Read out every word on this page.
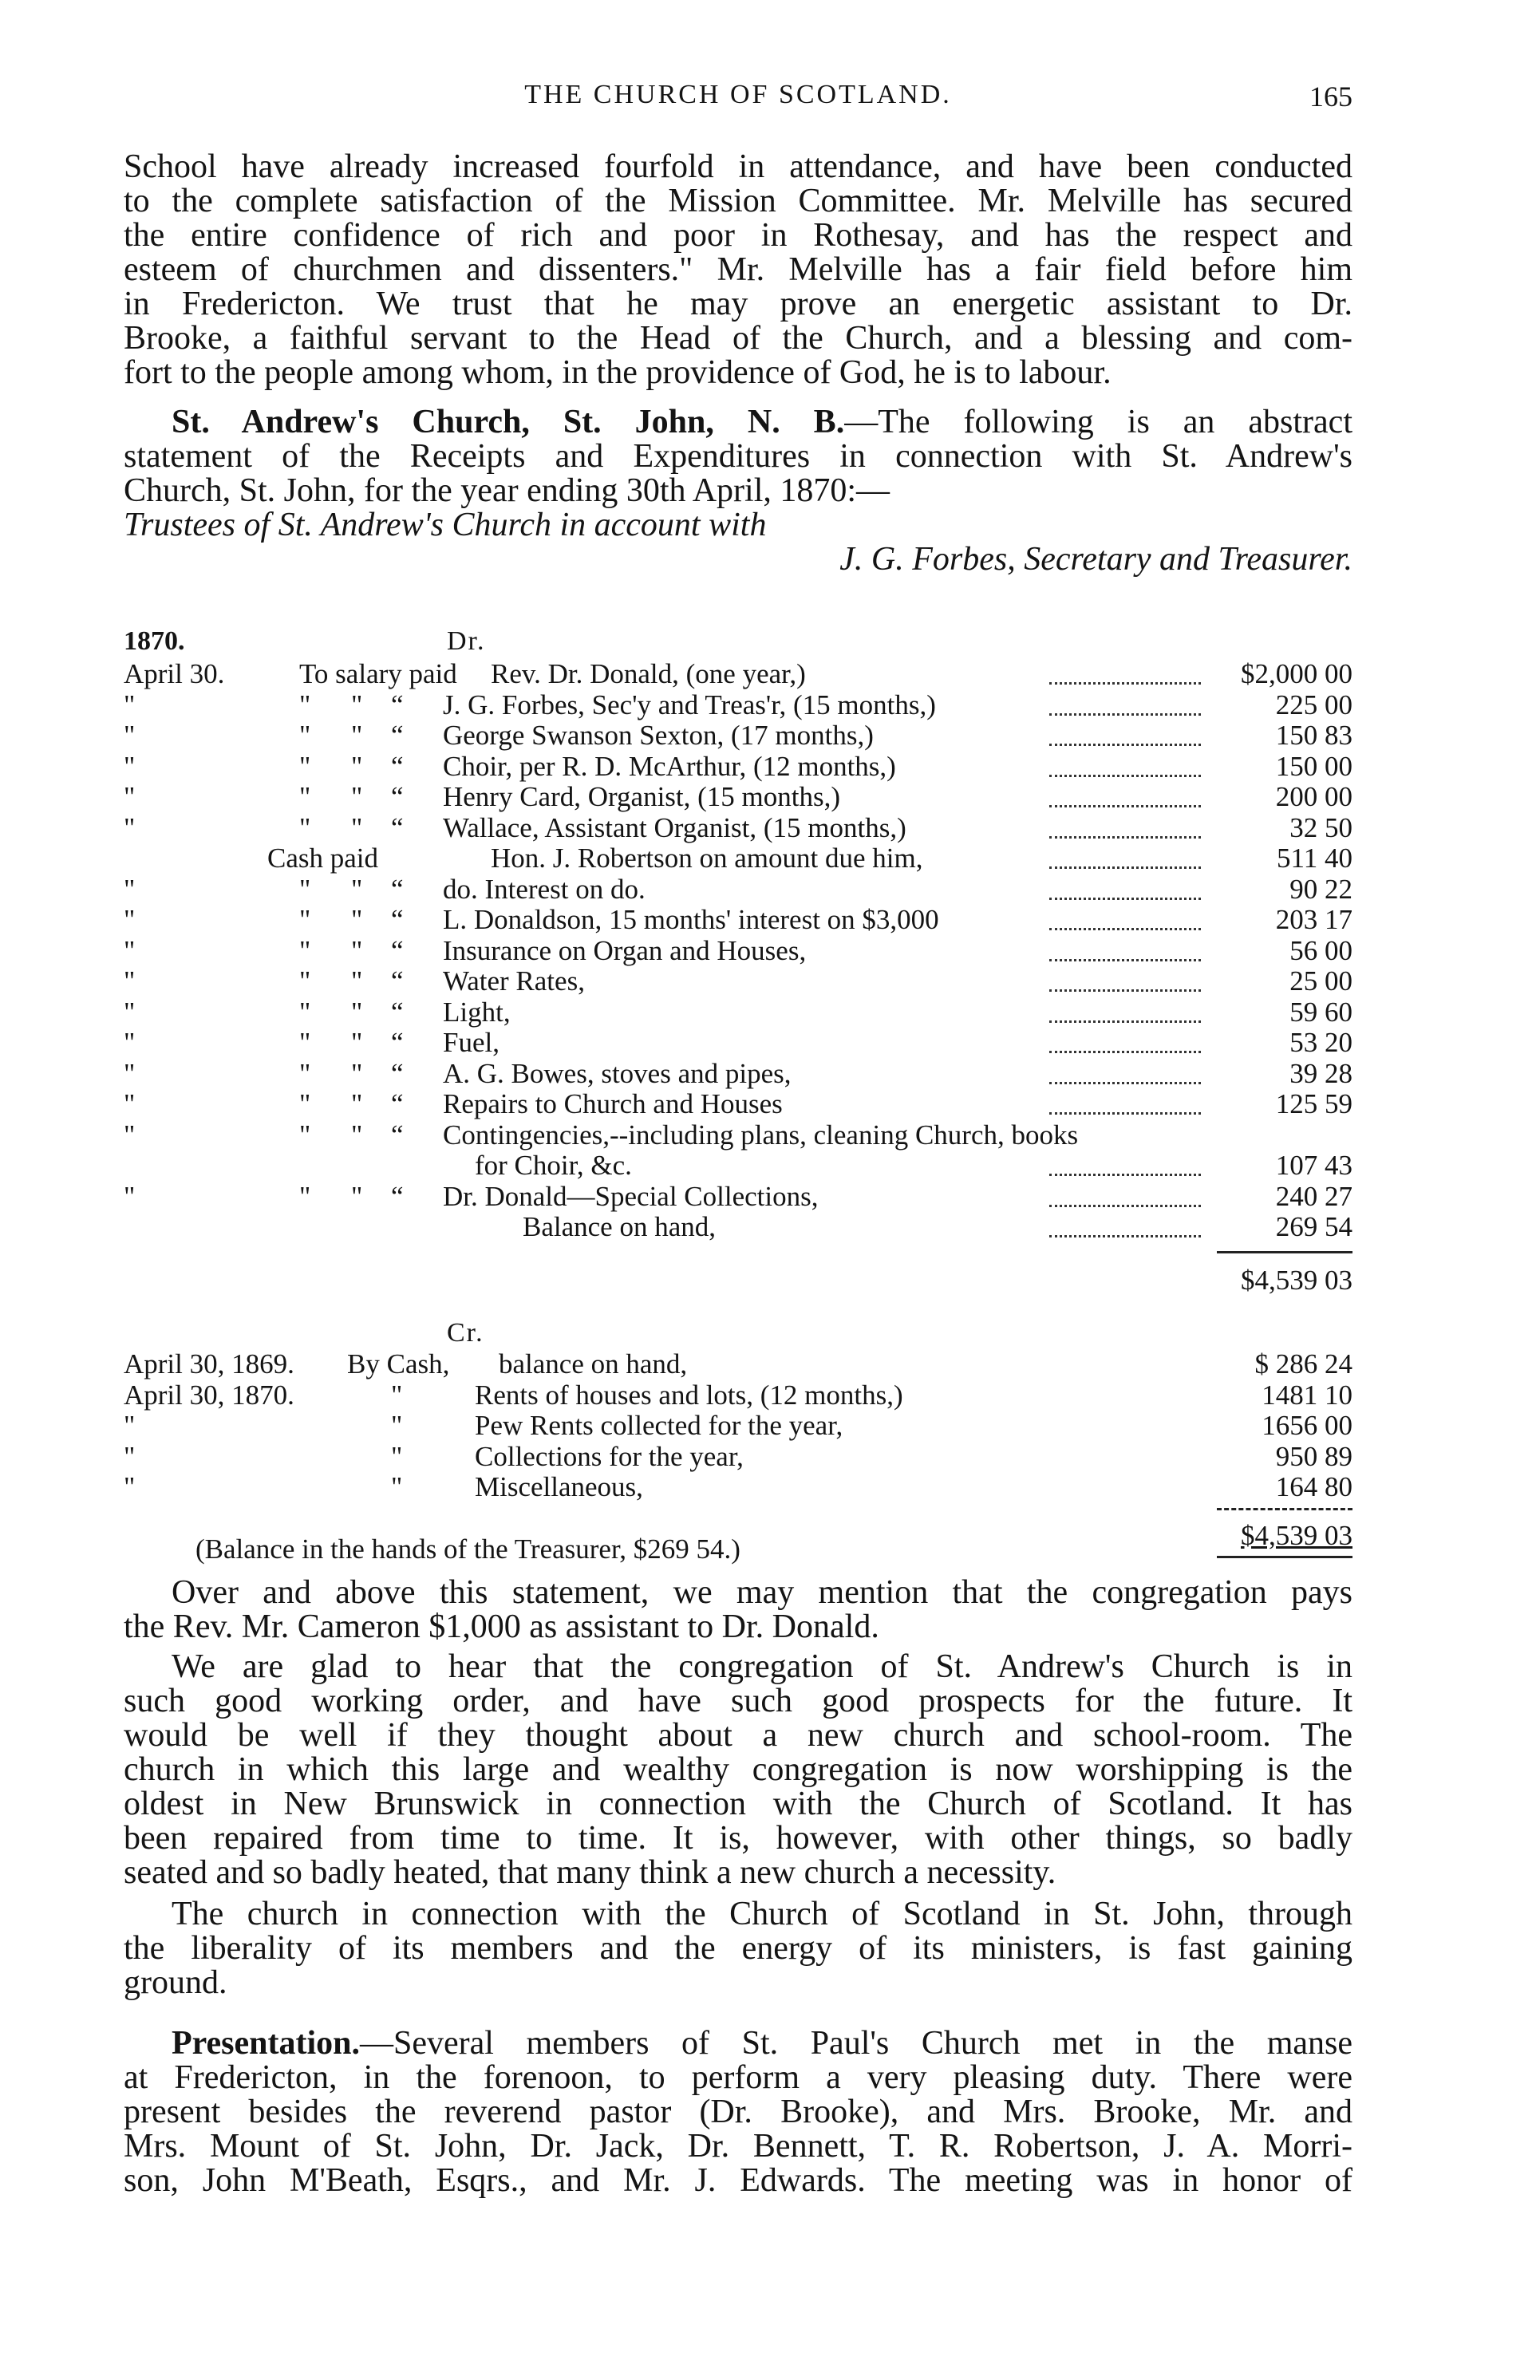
THE CHURCH OF SCOTLAND.	165
School have already increased fourfold in attendance, and have been conducted
to the complete satisfaction of the Mission Committee. Mr. Melville has secured
the entire confidence of rich and poor in Rothesay, and has the respect and
esteem of churchmen and dissenters." Mr. Melville has a fair field before him
in Fredericton. We trust that he may prove an energetic assistant to Dr.
Brooke, a faithful servant to the Head of the Church, and a blessing and com-
fort to the people among whom, in the providence of God, he is to labour.
St. Andrew's Church, St. John, N. B.—The following is an abstract
statement of the Receipts and Expenditures in connection with St. Andrew's
Church, St. John, for the year ending 30th April, 1870:—
Trustees of St. Andrew's Church in account with
J. G. Forbes, Secretary and Treasurer.
1870.	Dr.
April 30.	To salary paid Rev. Dr. Donald, (one year,)	$2,000 00
"	" " “ J. G. Forbes, Sec'y and Treas'r, (15 months,)	225 00
"	" " “ George Swanson Sexton, (17 months,)	150 83
"	" " “ Choir, per R. D. McArthur, (12 months,)	150 00
"	" " “ Henry Card, Organist, (15 months,)	200 00
"	" " “ Wallace, Assistant Organist, (15 months,)	32 50
Cash paid	Hon. J. Robertson on amount due him,	511 40
"	" " “ do. Interest on do.	90 22
"	" " “ L. Donaldson, 15 months' interest on $3,000	203 17
"	" " “ Insurance on Organ and Houses,	56 00
"	" " “ Water Rates,	25 00
"	" " “ Light,	59 60
"	" " “ Fuel,	53 20
"	" " “ A. G. Bowes, stoves and pipes,	39 28
"	" " “ Repairs to Church and Houses	125 59
"	" " “ Contingencies,--including plans, cleaning Church, books
for Choir, &c.	107 43
"	" " “ Dr. Donald—Special Collections,	240 27
Balance on hand,	269 54
$4,539 03
Cr.
April 30, 1869. By Cash, balance on hand,	$ 286 24
April 30, 1870.	"	Rents of houses and lots, (12 months,)	1481 10
"	"	Pew Rents collected for the year,	1656 00
"	"	Collections for the year,	950 89
"	"	Miscellaneous,	164 80
$4,539 03
(Balance in the hands of the Treasurer, $269 54.)
Over and above this statement, we may mention that the congregation pays
the Rev. Mr. Cameron $1,000 as assistant to Dr. Donald.
We are glad to hear that the congregation of St. Andrew's Church is in
such good working order, and have such good prospects for the future. It
would be well if they thought about a new church and school-room. The
church in which this large and wealthy congregation is now worshipping is the
oldest in New Brunswick in connection with the Church of Scotland. It has
been repaired from time to time. It is, however, with other things, so badly
seated and so badly heated, that many think a new church a necessity.
The church in connection with the Church of Scotland in St. John, through
the liberality of its members and the energy of its ministers, is fast gaining
ground.
Presentation.—Several members of St. Paul's Church met in the manse
at Fredericton, in the forenoon, to perform a very pleasing duty. There were
present besides the reverend pastor (Dr. Brooke), and Mrs. Brooke, Mr. and
Mrs. Mount of St. John, Dr. Jack, Dr. Bennett, T. R. Robertson, J. A. Morri-
son, John M'Beath, Esqrs., and Mr. J. Edwards. The meeting was in honor of
